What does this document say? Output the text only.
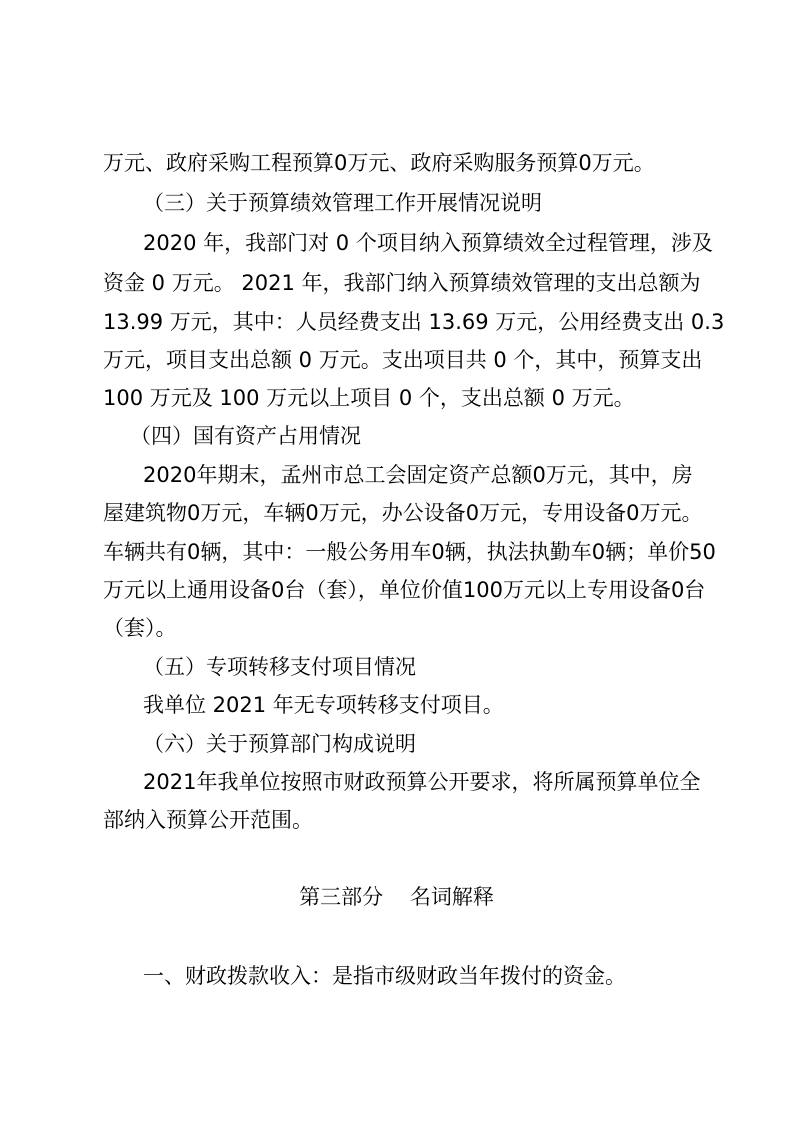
万元、政府采购工程预算0万元、政府采购服务预算0万元。

（三）关于预算绩效管理工作开展情况说明

2020 年，我部门对 0 个项目纳入预算绩效全过程管理，涉及

资金 0 万元。 2021 年，我部门纳入预算绩效管理的支出总额为

13.99 万元，其中：人员经费支出 13.69 万元，公用经费支出 0.3

万元，项目支出总额 0 万元。支出项目共 0 个，其中，预算支出

100 万元及 100 万元以上项目 0 个，支出总额 0 万元。

（四）国有资产占用情况

2020年期末，孟州市总工会固定资产总额0万元，其中，房

屋建筑物0万元，车辆0万元，办公设备0万元，专用设备0万元。

车辆共有0辆，其中：一般公务用车0辆，执法执勤车0辆；单价50

万元以上通用设备0台（套），单位价值100万元以上专用设备0台

（套）。

（五）专项转移支付项目情况

我单位 2021 年无专项转移支付项目。

（六）关于预算部门构成说明

2021年我单位按照市财政预算公开要求，将所属预算单位全

部纳入预算公开范围。

第三部分    名词解释

一、财政拨款收入：是指市级财政当年拨付的资金。
